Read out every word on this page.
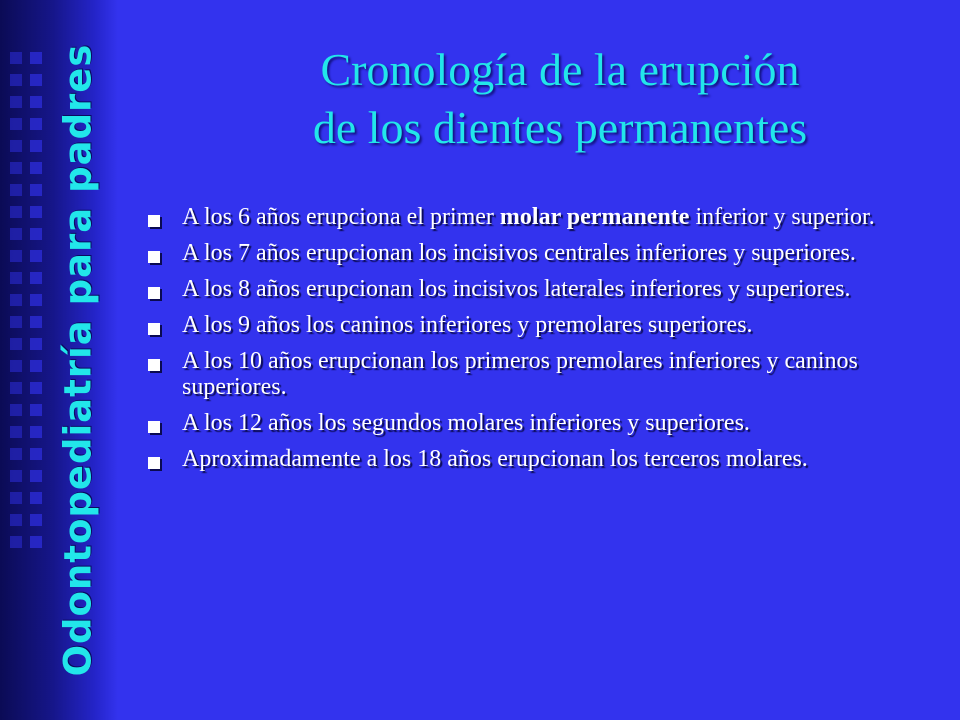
Odontopediatría para padres	Cronología de la erupción
de los dientes permanentes
A los 6 años erupciona el primer molar permanente inferior y superior.
A los 7 años erupcionan los incisivos centrales inferiores y superiores.
A los 8 años erupcionan los incisivos laterales inferiores y superiores.
A los 9 años los caninos inferiores y premolares superiores.
A los 10 años erupcionan los primeros premolares inferiores y caninos superiores.
A los 12 años los segundos molares inferiores y superiores.
Aproximadamente a los 18 años erupcionan los terceros molares.
